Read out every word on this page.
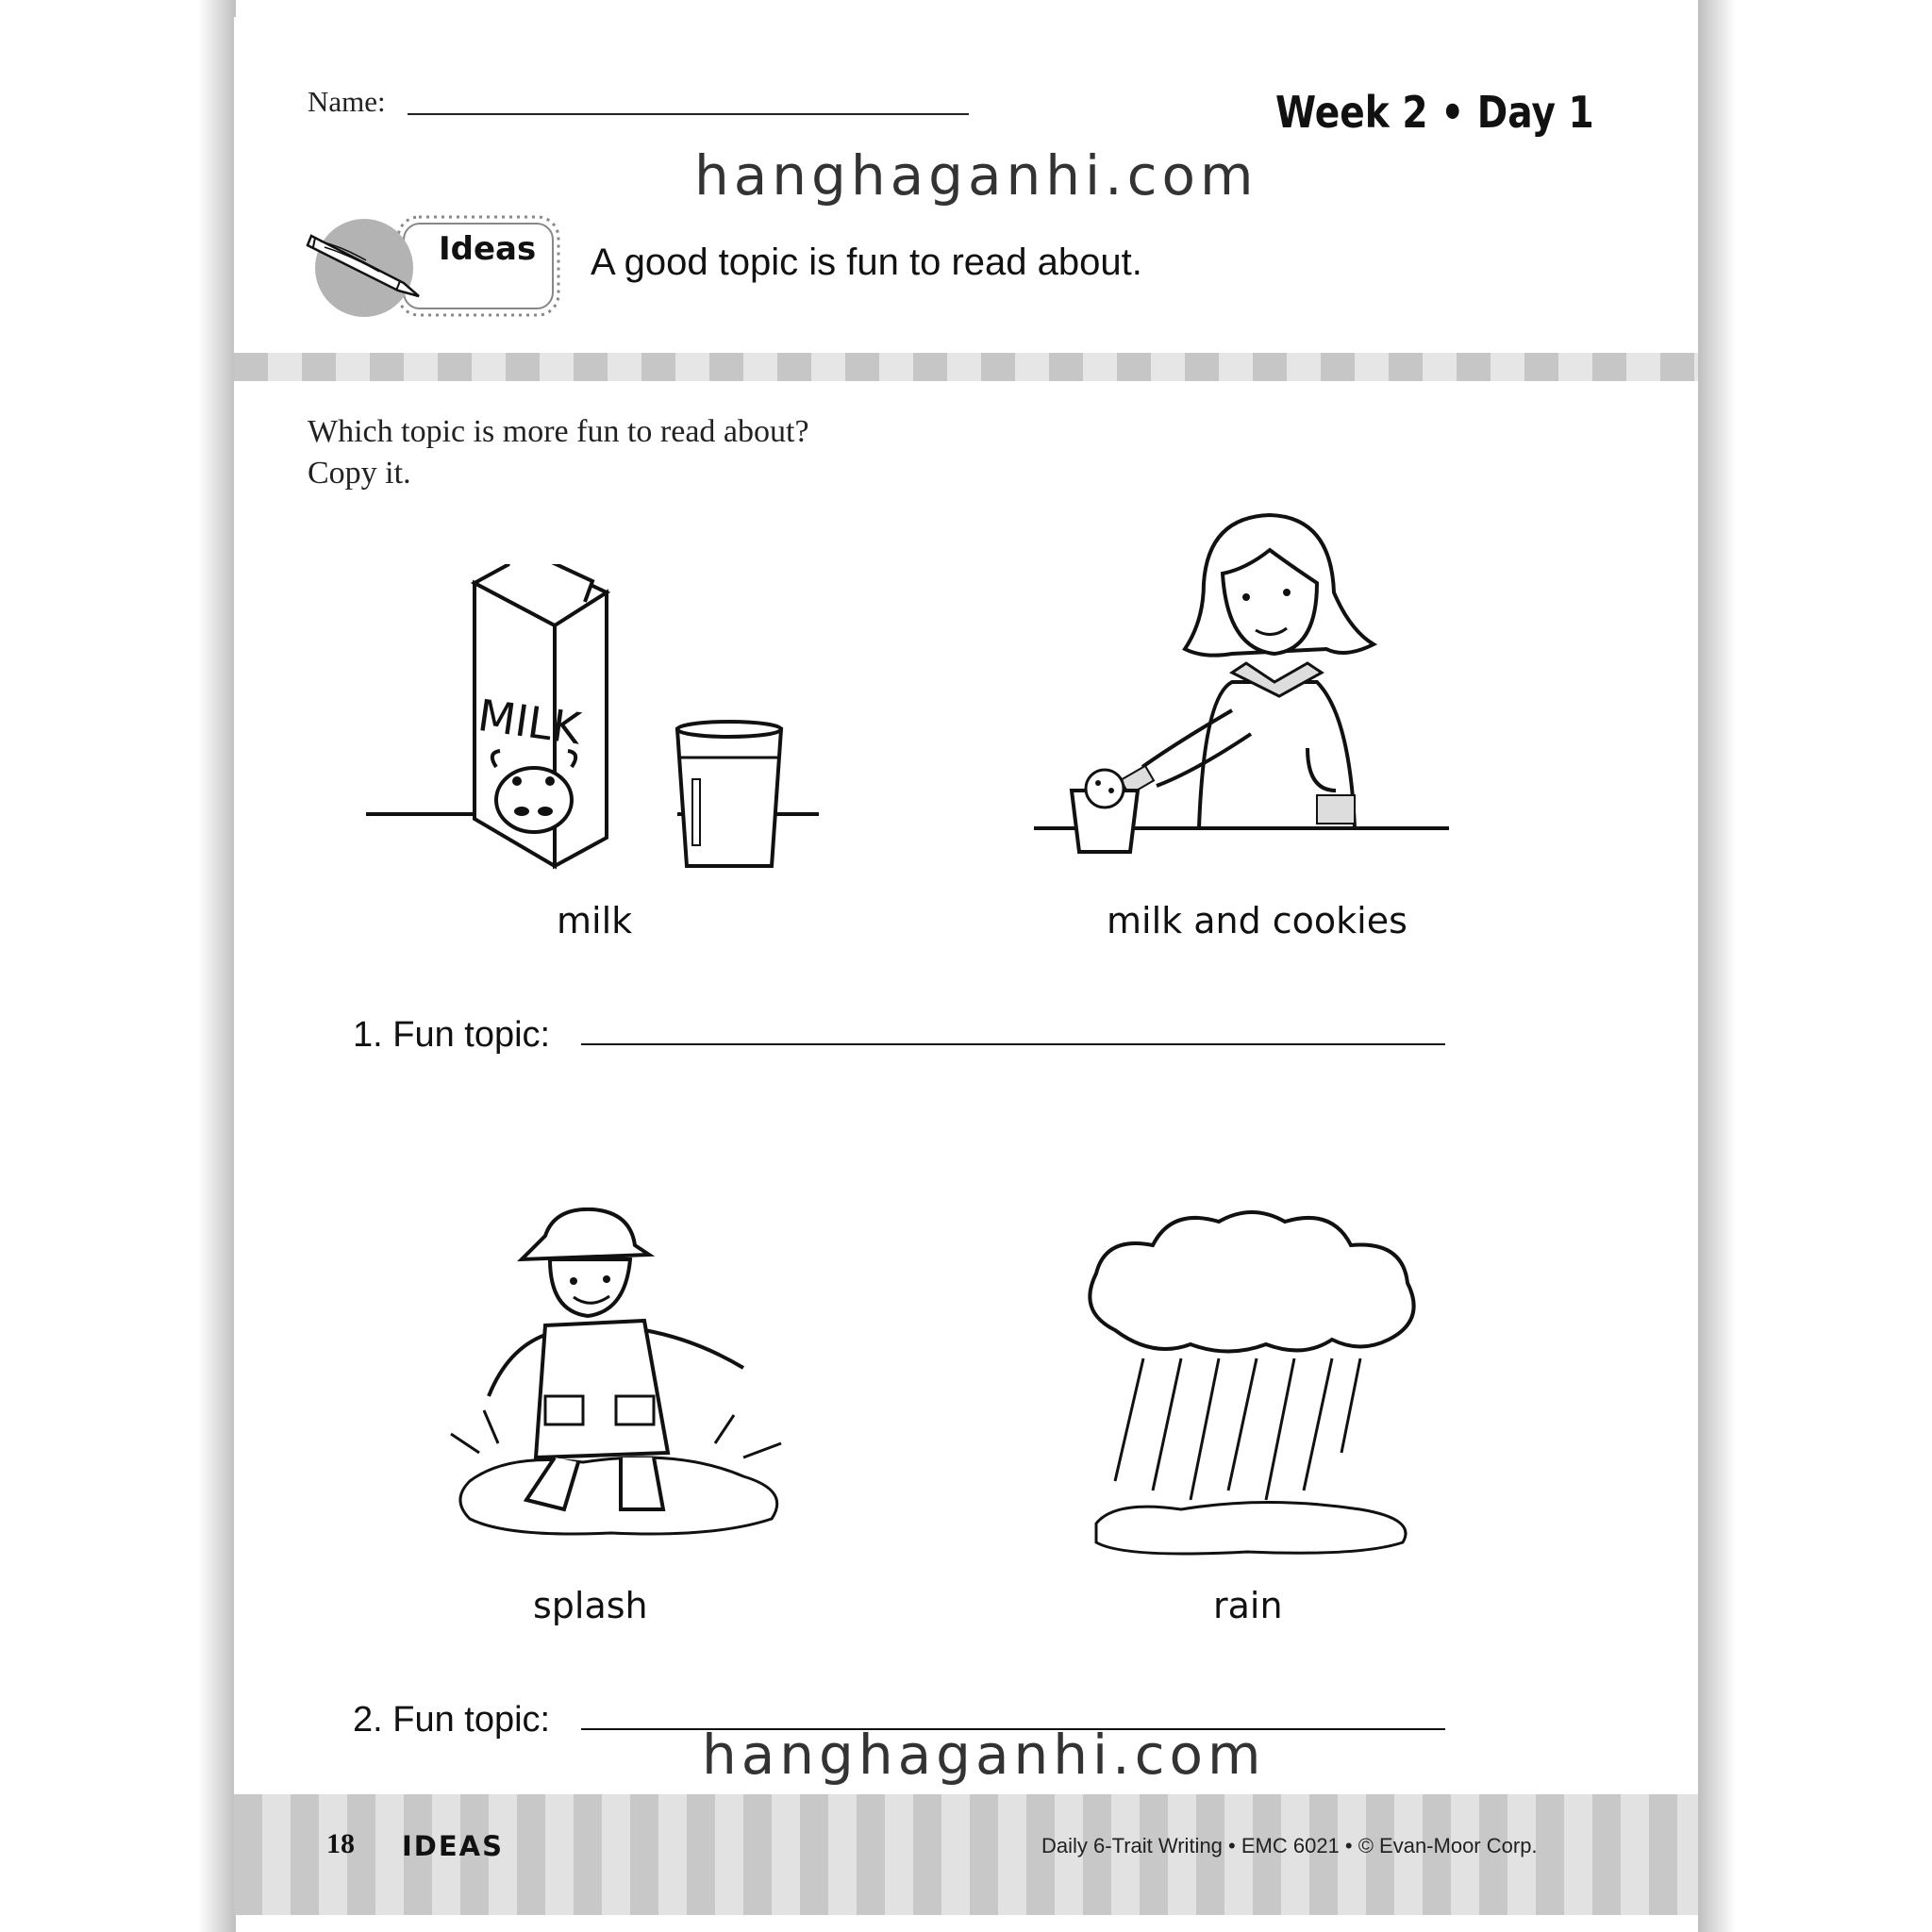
Name:	Week 2 • Day 1
hanghaganhi.com
Ideas A good topic is fun to read about.
Which topic is more fun to read about?
Copy it.
MILK
milk	milk and cookies
1. Fun topic:
splash	rain
2. Fun topic:
hanghaganhi.com
18 IDEAS	Daily 6-Trait Writing • EMC 6021 • © Evan-Moor Corp.
